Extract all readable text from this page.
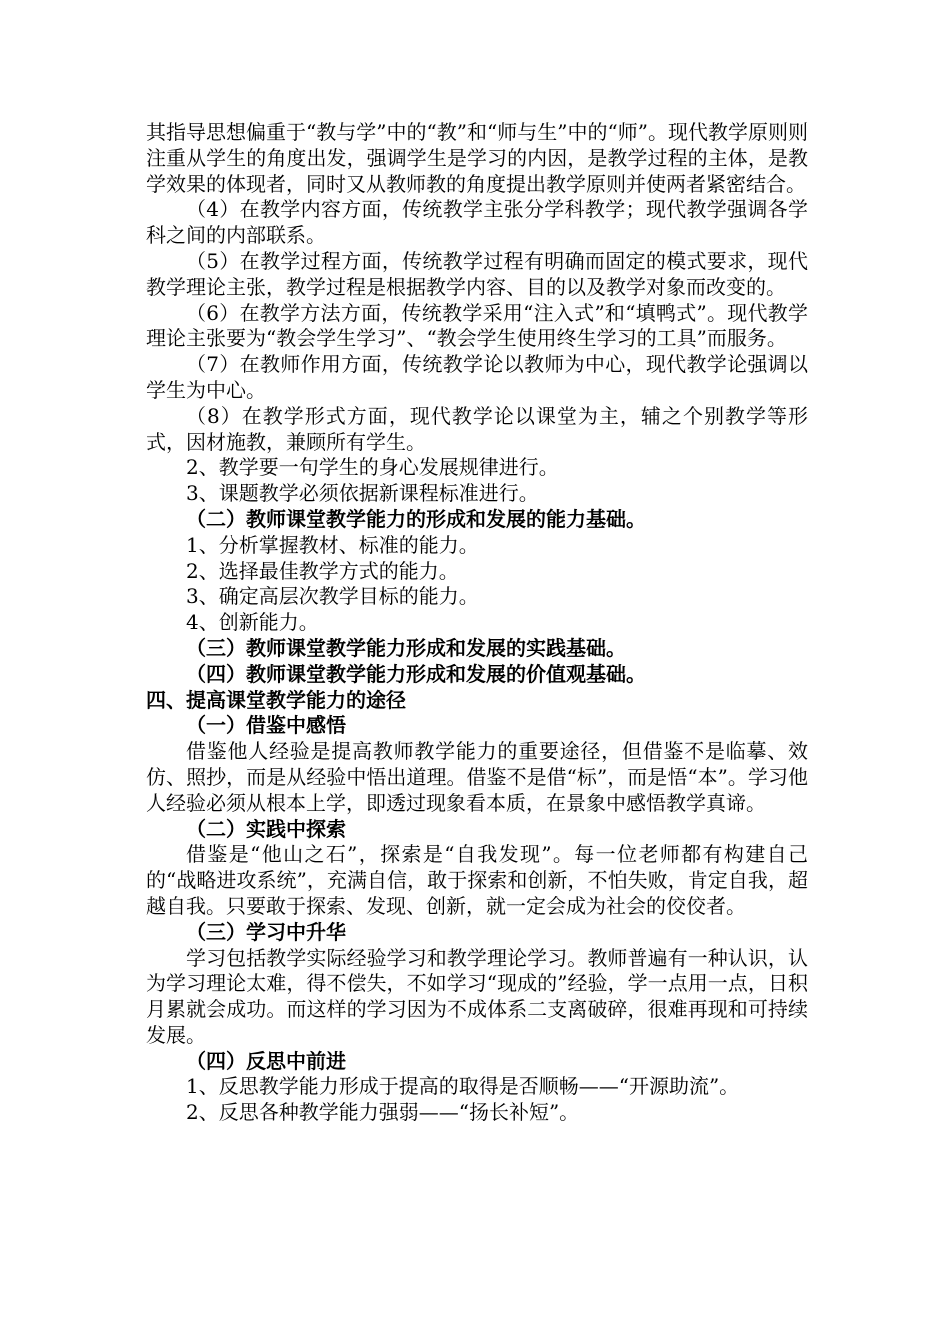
其指导思想偏重于“教与学”中的“教”和“师与生”中的“师”。现代教学原则则注重从学生的角度出发，强调学生是学习的内因，是教学过程的主体，是教学效果的体现者，同时又从教师教的角度提出教学原则并使两者紧密结合。

（4）在教学内容方面，传统教学主张分学科教学；现代教学强调各学科之间的内部联系。

（5）在教学过程方面，传统教学过程有明确而固定的模式要求，现代教学理论主张，教学过程是根据教学内容、目的以及教学对象而改变的。

（6）在教学方法方面，传统教学采用“注入式”和“填鸭式”。现代教学理论主张要为“教会学生学习”、“教会学生使用终生学习的工具”而服务。

（7）在教师作用方面，传统教学论以教师为中心，现代教学论强调以学生为中心。

（8）在教学形式方面，现代教学论以课堂为主，辅之个别教学等形式，因材施教，兼顾所有学生。

2、教学要一句学生的身心发展规律进行。

3、课题教学必须依据新课程标准进行。

（二）教师课堂教学能力的形成和发展的能力基础。

1、分析掌握教材、标准的能力。

2、选择最佳教学方式的能力。

3、确定高层次教学目标的能力。

4、创新能力。

（三）教师课堂教学能力形成和发展的实践基础。

（四）教师课堂教学能力形成和发展的价值观基础。

四、提高课堂教学能力的途径

（一）借鉴中感悟

借鉴他人经验是提高教师教学能力的重要途径，但借鉴不是临摹、效仿、照抄，而是从经验中悟出道理。借鉴不是借“标”，而是悟“本”。学习他人经验必须从根本上学，即透过现象看本质，在景象中感悟教学真谛。

（二）实践中探索

借鉴是“他山之石”，探索是“自我发现”。每一位老师都有构建自己的“战略进攻系统”，充满自信，敢于探索和创新，不怕失败，肯定自我，超越自我。只要敢于探索、发现、创新，就一定会成为社会的佼佼者。

（三）学习中升华

学习包括教学实际经验学习和教学理论学习。教师普遍有一种认识，认为学习理论太难，得不偿失，不如学习“现成的”经验，学一点用一点，日积月累就会成功。而这样的学习因为不成体系二支离破碎，很难再现和可持续发展。

（四）反思中前进

1、反思教学能力形成于提高的取得是否顺畅——“开源助流”。

2、反思各种教学能力强弱——“扬长补短”。
